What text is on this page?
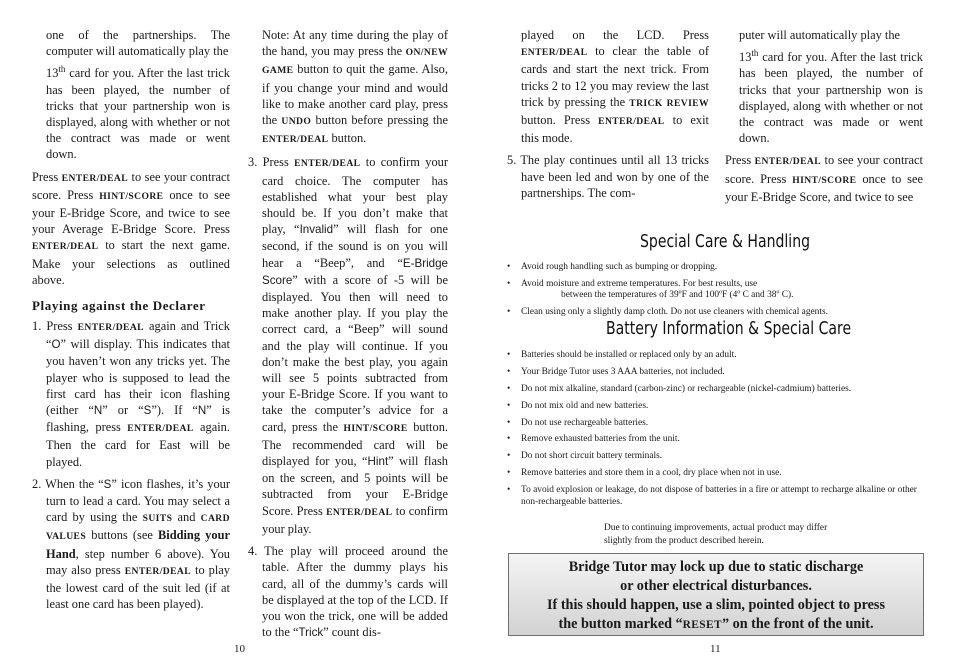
one of the partnerships. The computer will automatically play the

13th card for you. After the last trick has been played, the number of tricks that your partnership won is displayed, along with whether or not the contract was made or went down.

Press ENTER/DEAL to see your contract score. Press HINT/SCORE once to see your E-Bridge Score, and twice to see your Average E-Bridge Score. Press ENTER/DEAL to start the next game. Make your selections as outlined above.

Playing against the Declarer

1. Press ENTER/DEAL again and Trick “O” will display. This indicates that you haven’t won any tricks yet. The player who is supposed to lead the first card has their icon flashing (either “N” or “S”). If “N” is flashing, press ENTER/DEAL again. Then the card for East will be played.

2. When the “S” icon flashes, it’s your turn to lead a card. You may select a card by using the SUITS and CARD VALUES buttons (see Bidding your Hand, step number 6 above). You may also press ENTER/DEAL to play the lowest card of the suit led (if at least one card has been played).

Note: At any time during the play of the hand, you may press the ON/NEW GAME button to quit the game. Also, if you change your mind and would like to make another card play, press the UNDO button before pressing the ENTER/DEAL button.

3. Press ENTER/DEAL to confirm your card choice. The computer has established what your best play should be. If you don’t make that play, “Invalid” will flash for one second, if the sound is on you will hear a “Beep”, and “E-Bridge Score” with a score of -5 will be displayed. You then will need to make another play. If you play the correct card, a “Beep” will sound and the play will continue. If you don’t make the best play, you again will see 5 points subtracted from your E-Bridge Score. If you want to take the computer’s advice for a card, press the HINT/SCORE button. The recommended card will be displayed for you, “Hint” will flash on the screen, and 5 points will be subtracted from your E-Bridge Score. Press ENTER/DEAL to confirm your play.

4. The play will proceed around the table. After the dummy plays his card, all of the dummy’s cards will be displayed at the top of the LCD. If you won the trick, one will be added to the “Trick” count dis-

10

played on the LCD. Press ENTER/DEAL to clear the table of cards and start the next trick. From tricks 2 to 12 you may review the last trick by pressing the TRICK REVIEW button. Press ENTER/DEAL to exit this mode.

5. The play continues until all 13 tricks have been led and won by one of the partnerships. The com-

puter will automatically play the

13th card for you. After the last trick has been played, the number of tricks that your partnership won is displayed, along with whether or not the contract was made or went down.

Press ENTER/DEAL to see your contract score. Press HINT/SCORE once to see your E-Bridge Score, and twice to see

Special Care & Handling
• Avoid rough handling such as bumping or dropping.
• Avoid moisture and extreme temperatures. For best results, use
between the temperatures of 39ºF and 100ºF (4º C and 38º C).
• Clean using only a slightly damp cloth. Do not use cleaners with chemical agents.
Battery Information & Special Care
• Batteries should be installed or replaced only by an adult.
• Your Bridge Tutor uses 3 AAA batteries, not included.
• Do not mix alkaline, standard (carbon-zinc) or rechargeable (nickel-cadmium) batteries.
• Do not mix old and new batteries.
• Do not use rechargeable batteries.
• Remove exhausted batteries from the unit.
• Do not short circuit battery terminals.
• Remove batteries and store them in a cool, dry place when not in use.
• To avoid explosion or leakage, do not dispose of batteries in a fire or attempt to recharge alkaline or other non-rechargeable batteries.
Due to continuing improvements, actual product may differ slightly from the product described herein.
Bridge Tutor may lock up due to static discharge
or other electrical disturbances.
If this should happen, use a slim, pointed object to press
the button marked “RESET” on the front of the unit.
11
